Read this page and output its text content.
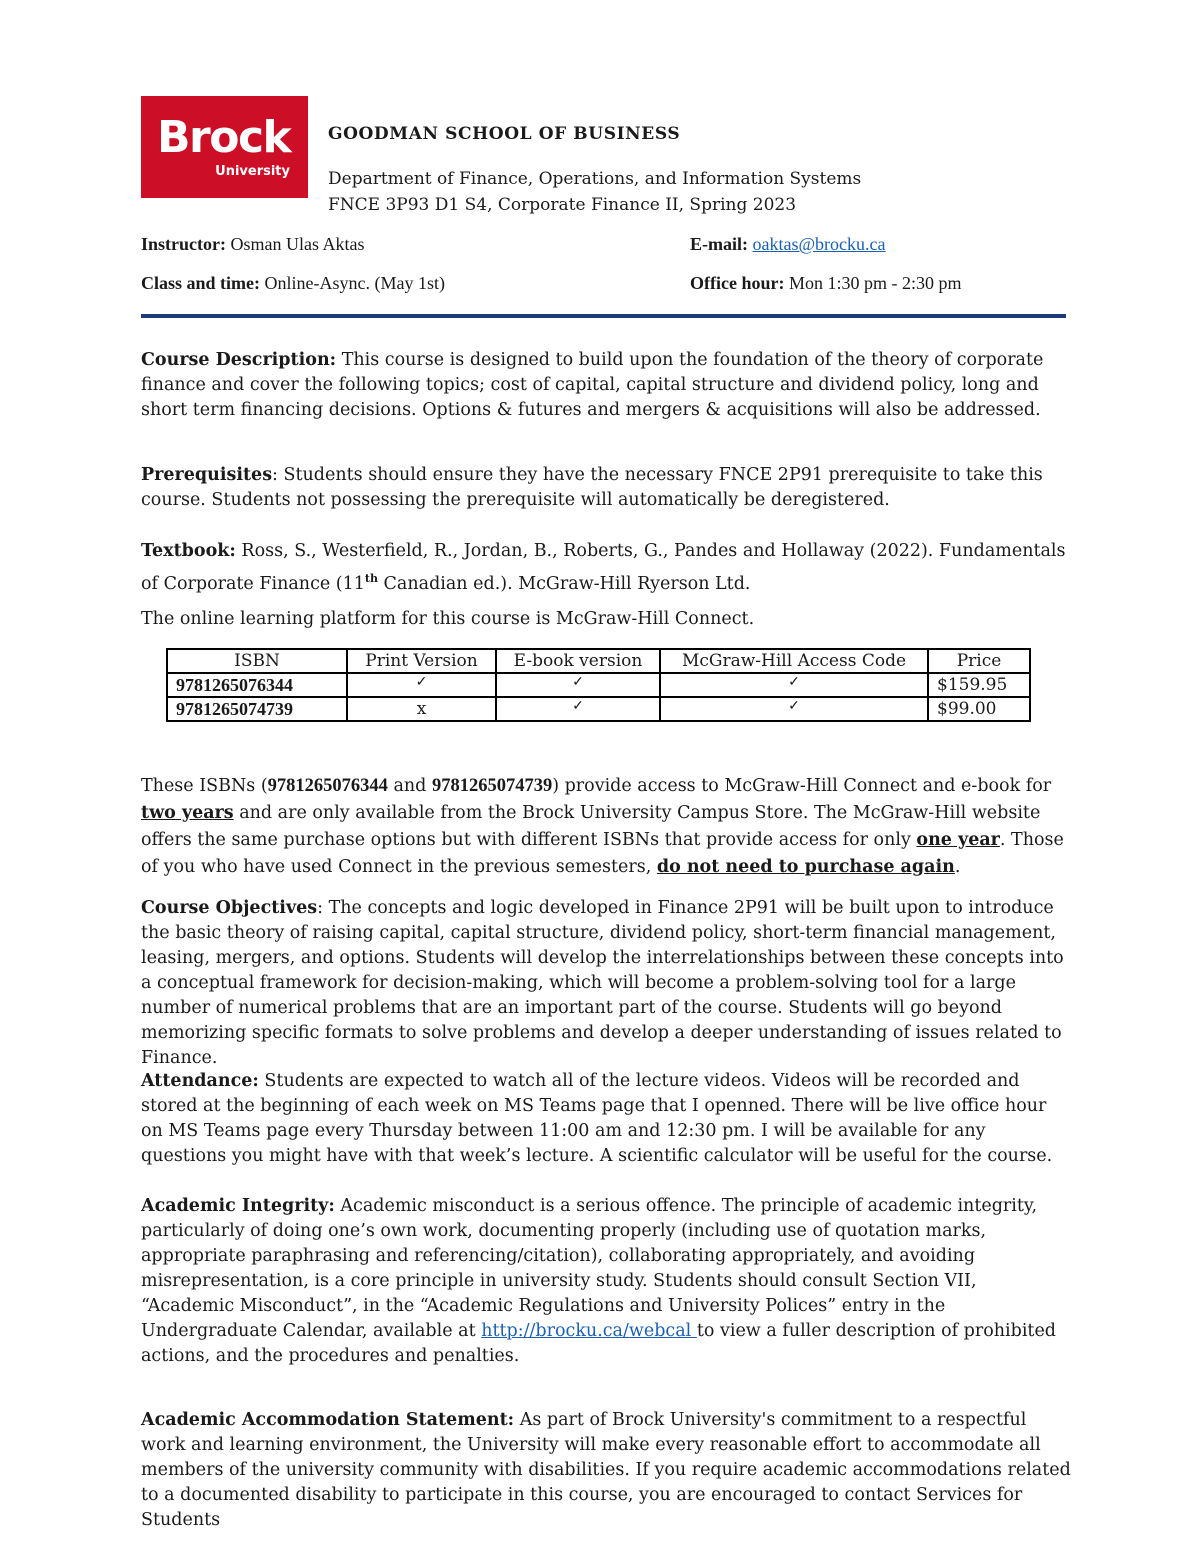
Brock
University
GOODMAN SCHOOL OF BUSINESS
Department of Finance, Operations, and Information Systems
FNCE 3P93 D1 S4, Corporate Finance II, Spring 2023
Instructor: Osman Ulas Aktas	E-mail: oaktas@brocku.ca
Class and time: Online-Async. (May 1st)	Office hour: Mon 1:30 pm - 2:30 pm
Course Description: This course is designed to build upon the foundation of the theory of corporate finance and cover the following topics; cost of capital, capital structure and dividend policy, long and short term financing decisions. Options & futures and mergers & acquisitions will also be addressed.
Prerequisites: Students should ensure they have the necessary FNCE 2P91 prerequisite to take this course. Students not possessing the prerequisite will automatically be deregistered.
Textbook: Ross, S., Westerfield, R., Jordan, B., Roberts, G., Pandes and Hollaway (2022). Fundamentals of Corporate Finance (11th Canadian ed.). McGraw-Hill Ryerson Ltd.
The online learning platform for this course is McGraw-Hill Connect.
ISBN	Print Version	E-book version	McGraw-Hill Access Code	Price
9781265076344	✓	✓	✓	$159.95
9781265074739	x	✓	✓	$99.00
These ISBNs (9781265076344 and 9781265074739) provide access to McGraw-Hill Connect and e-book for two years and are only available from the Brock University Campus Store. The McGraw-Hill website offers the same purchase options but with different ISBNs that provide access for only one year. Those of you who have used Connect in the previous semesters, do not need to purchase again.
Course Objectives: The concepts and logic developed in Finance 2P91 will be built upon to introduce the basic theory of raising capital, capital structure, dividend policy, short-term financial management, leasing, mergers, and options. Students will develop the interrelationships between these concepts into a conceptual framework for decision-making, which will become a problem-solving tool for a large number of numerical problems that are an important part of the course. Students will go beyond memorizing specific formats to solve problems and develop a deeper understanding of issues related to Finance.
Attendance: Students are expected to watch all of the lecture videos. Videos will be recorded and stored at the beginning of each week on MS Teams page that I openned. There will be live office hour on MS Teams page every Thursday between 11:00 am and 12:30 pm. I will be available for any questions you might have with that week’s lecture. A scientific calculator will be useful for the course.
Academic Integrity: Academic misconduct is a serious offence. The principle of academic integrity, particularly of doing one’s own work, documenting properly (including use of quotation marks, appropriate paraphrasing and referencing/citation), collaborating appropriately, and avoiding misrepresentation, is a core principle in university study. Students should consult Section VII, “Academic Misconduct”, in the “Academic Regulations and University Polices” entry in the Undergraduate Calendar, available at http://brocku.ca/webcal to view a fuller description of prohibited actions, and the procedures and penalties.
Academic Accommodation Statement: As part of Brock University's commitment to a respectful work and learning environment, the University will make every reasonable effort to accommodate all members of the university community with disabilities. If you require academic accommodations related to a documented disability to participate in this course, you are encouraged to contact Services for Students
